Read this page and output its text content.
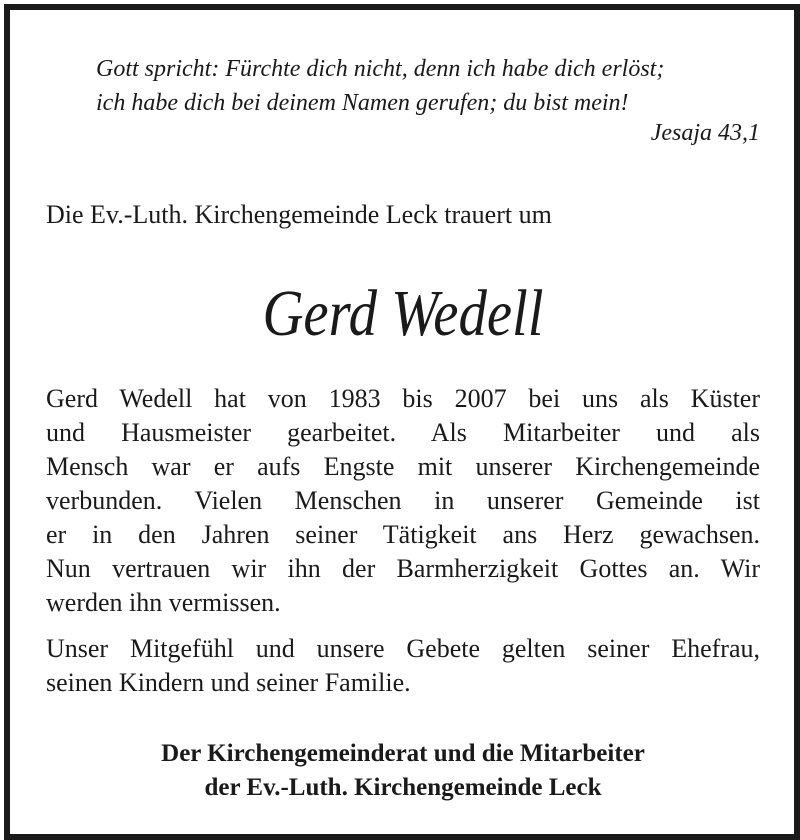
Gott spricht: Fürchte dich nicht, denn ich habe dich erlöst;
ich habe dich bei deinem Namen gerufen; du bist mein!
Jesaja 43,1
Die Ev.-Luth. Kirchengemeinde Leck trauert um
Gerd Wedell
Gerd Wedell hat von 1983 bis 2007 bei uns als Küster
und Hausmeister gearbeitet. Als Mitarbeiter und als
Mensch war er aufs Engste mit unserer Kirchengemeinde
verbunden. Vielen Menschen in unserer Gemeinde ist
er in den Jahren seiner Tätigkeit ans Herz gewachsen.
Nun vertrauen wir ihn der Barmherzigkeit Gottes an. Wir
werden ihn vermissen.
Unser Mitgefühl und unsere Gebete gelten seiner Ehefrau,
seinen Kindern und seiner Familie.
Der Kirchengemeinderat und die Mitarbeiter
der Ev.-Luth. Kirchengemeinde Leck
